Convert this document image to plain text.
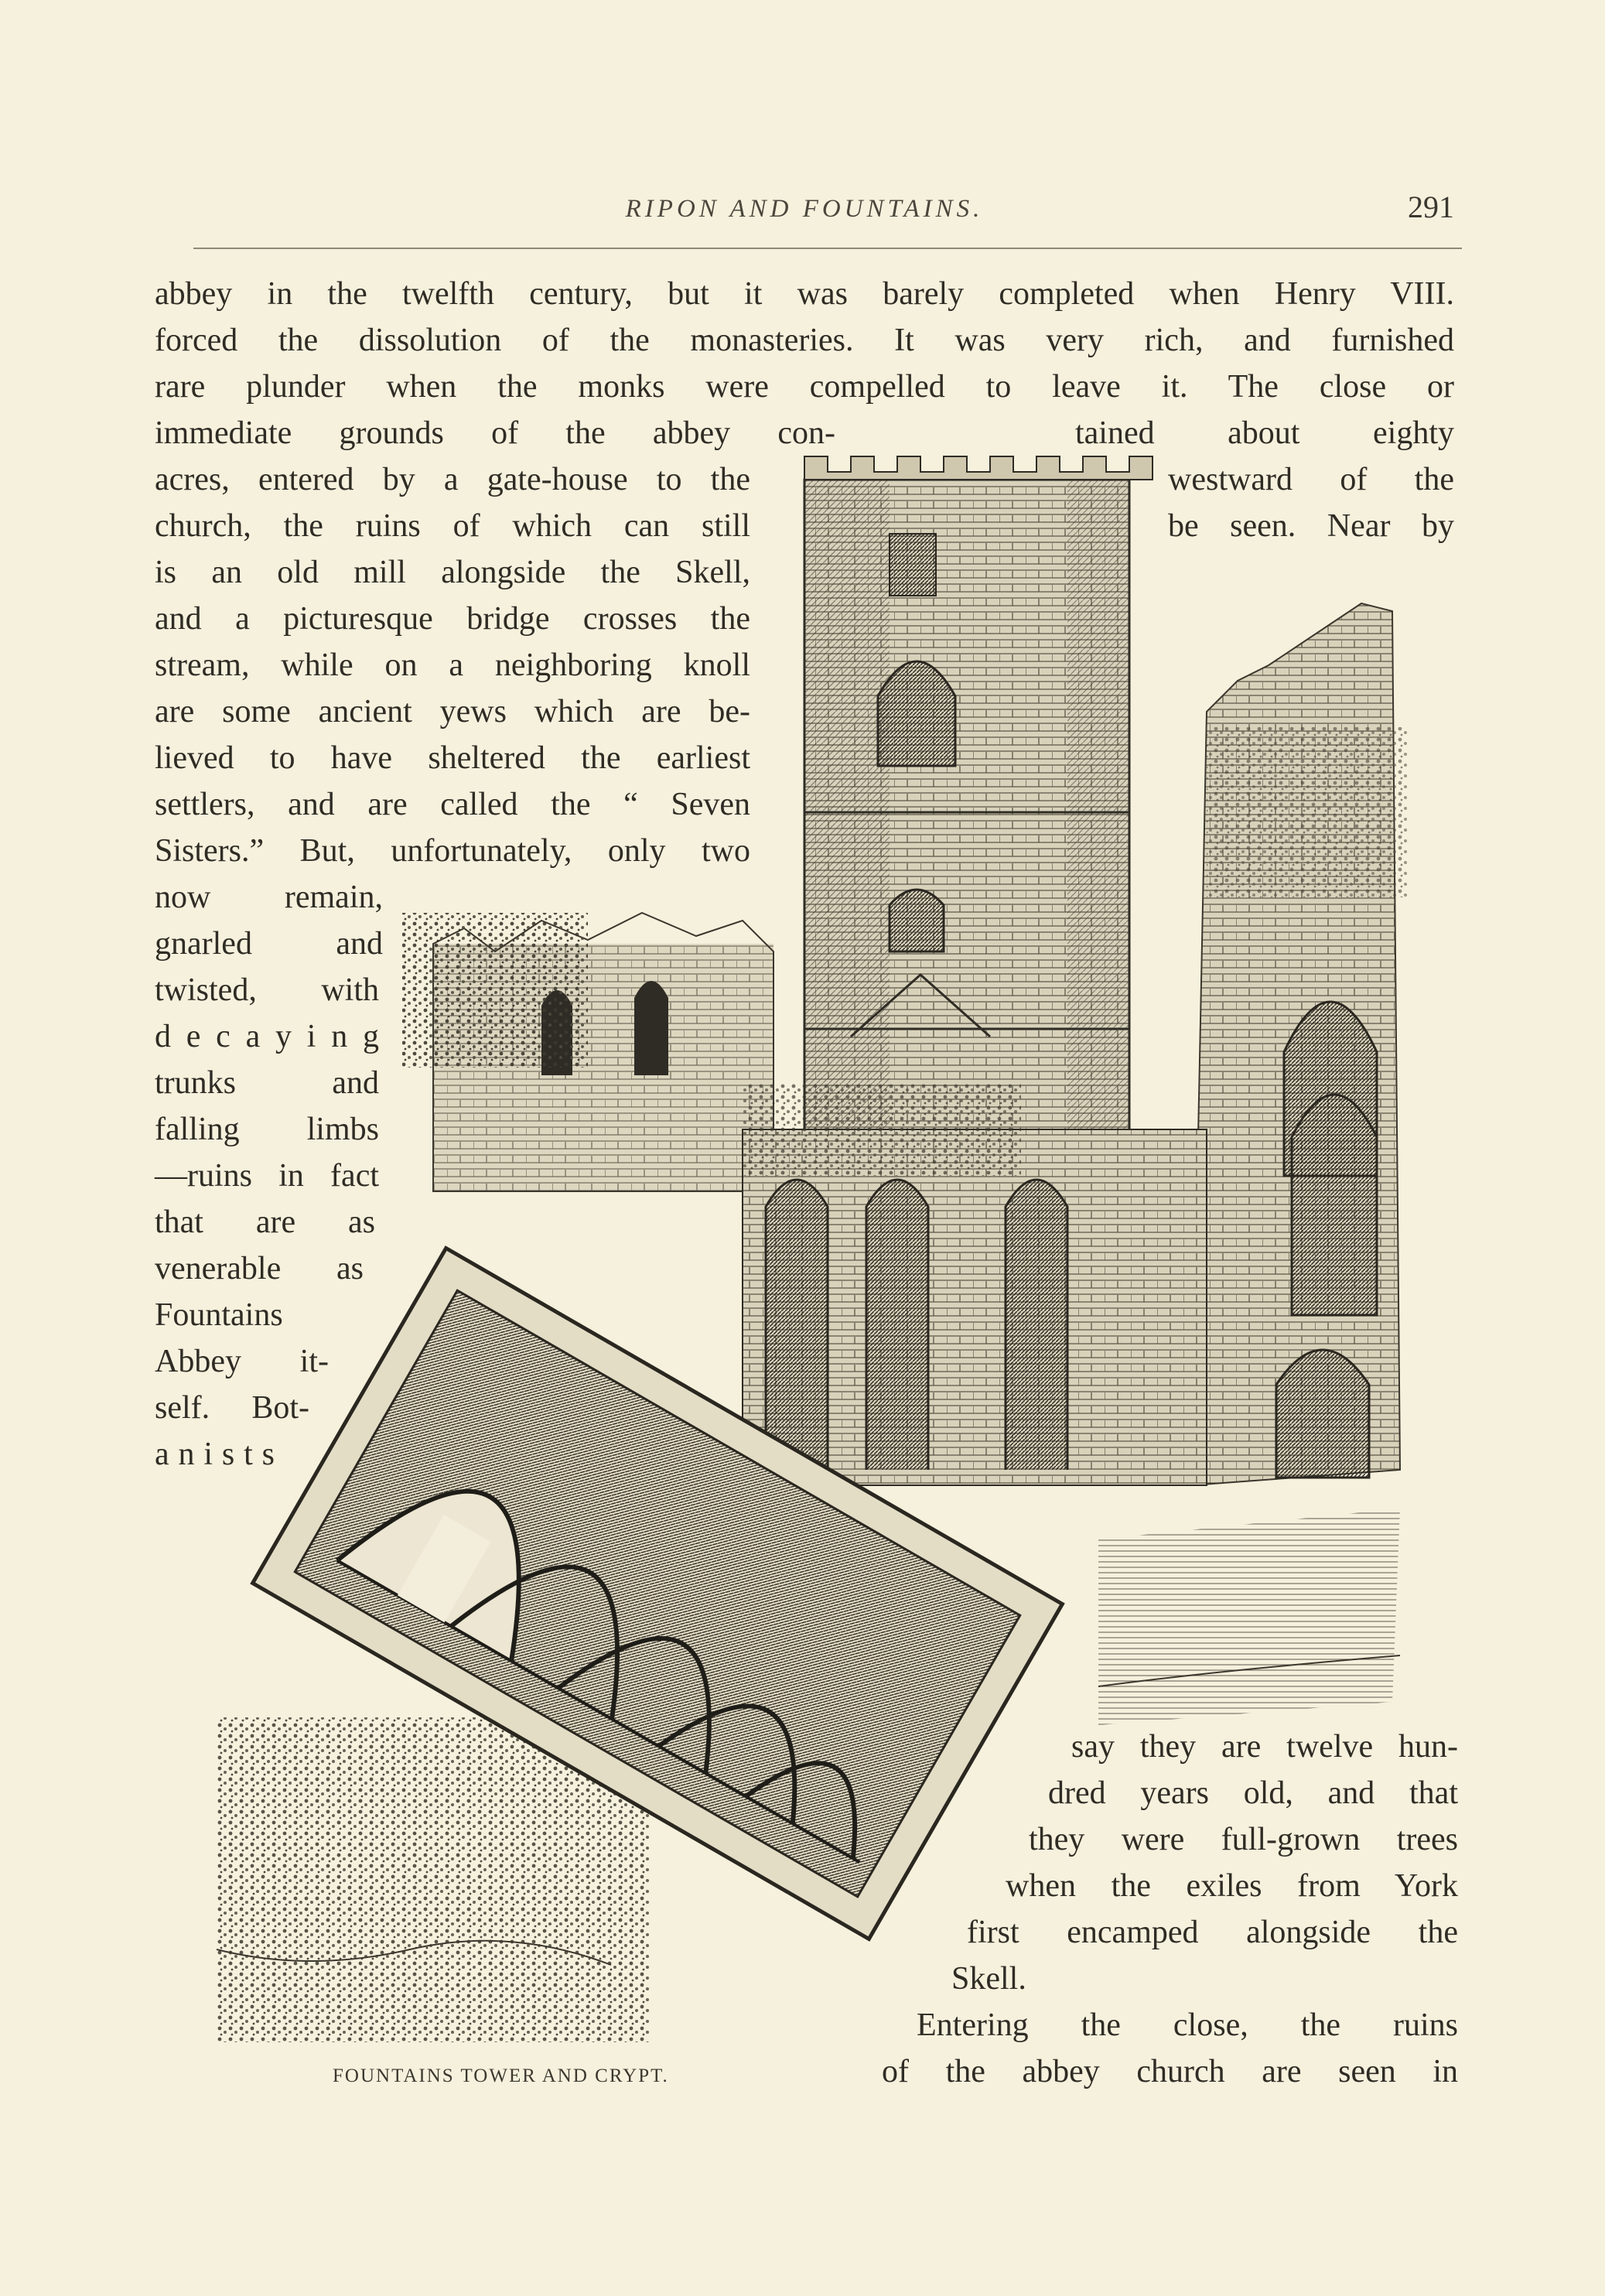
RIPON AND FOUNTAINS.	291
abbey in the twelfth century, but it was barely completed when Henry VIII.
forced the dissolution of the monasteries. It was very rich, and furnished
rare plunder when the monks were compelled to leave it. The close or
immediate grounds of the abbey con-	tained about eighty
acres, entered by a gate-house to the	westward of the
church, the ruins of which can still	be seen. Near by
is an old mill alongside the Skell,
and a picturesque bridge crosses the
stream, while on a neighboring knoll
are some ancient yews which are be-
lieved to have sheltered the earliest
settlers, and are called the “ Seven
Sisters.” But, unfortunately, only two
now remain,
gnarled and
twisted, with
d e c a y i n g
trunks and
falling limbs
—ruins in fact
that are as
venerable as
Fountains
Abbey it-
self. Bot-
a n i s t s
say they are twelve hun-
dred years old, and that
they were full-grown trees
when the exiles from York
first encamped alongside the
Skell.
Entering the close, the ruins
of the abbey church are seen in
FOUNTAINS TOWER AND CRYPT.
